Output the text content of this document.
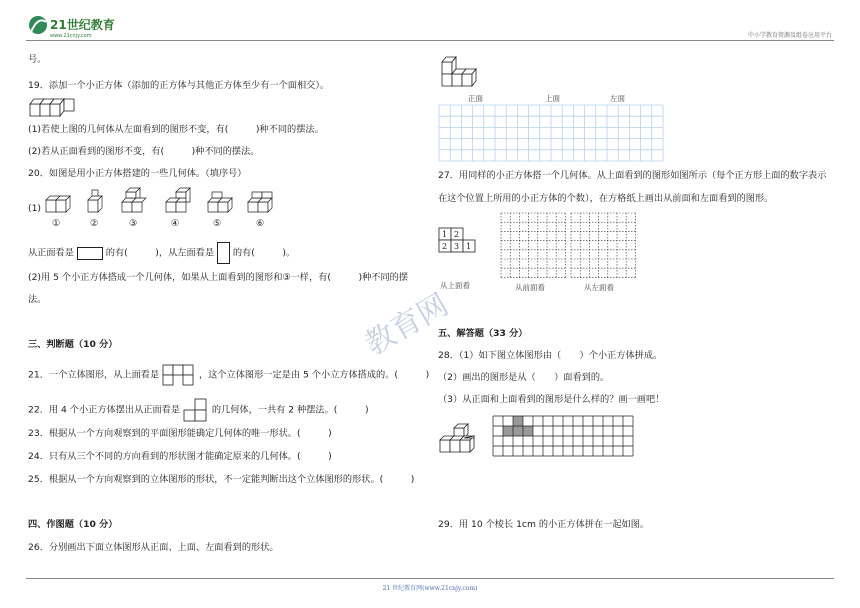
21世纪教育
www.21cnjy.com	中小学教育资源及组卷应用平台
教育网
号。
19．添加一个小正方体（添加的正方体与其他正方体至少有一个面相交）。
(1)若使上图的几何体从左面看到的图形不变，有(　　　)种不同的摆法。
(2)若从正面看到的图形不变，有(　　　)种不同的摆法。
20．如图是用小正方体搭建的一些几何体。（填序号）
(1)
①	②	③	④	⑤	⑥
从正面看是	的有(　　　)，从左面看是 的有(　　　)。
(2)用 5 个小正方体搭成一个几何体，如果从上面看到的图形和③一样，有(　　　)种不同的摆
法。
三、判断题（10 分）
21．一个立体图形，从上面看是	，这个立体图形一定是由 5 个小立方体搭成的。(　　　)
22．用 4 个小正方体摆出从正面看是	的几何体，一共有 2 种摆法。(　　　)
23．根据从一个方向观察到的平面图形能确定几何体的唯一形状。(　　　)
24．只有从三个不同的方向看到的形状图才能确定原来的几何体。(　　　)
25．根据从一个方向观察到的立体图形的形状，不一定能判断出这个立体图形的形状。(　　　)
四、作图题（10 分）
26．分别画出下面立体图形从正面、上面、左面看到的形状。
正面	上面	左面
27．用同样的小正方体搭一个几何体。从上面看到的图形如图所示（每个正方形上面的数字表示
在这个位置上所用的小正方体的个数），在方格纸上画出从前面和左面看到的图形。
1 2
2 3 1
从上面看	从前面看	从左面看
五、解答题（33 分）
28．（1）如下图立体图形由（　　）个小正方体拼成。
（2）画出的图形是从（　　）面看到的。
（3）从正面和上面看到的图形是什么样的？画一画吧！
29．用 10 个棱长 1cm 的小正方体拼在一起如图。
21 世纪教育网(www.21cnjy.com)
